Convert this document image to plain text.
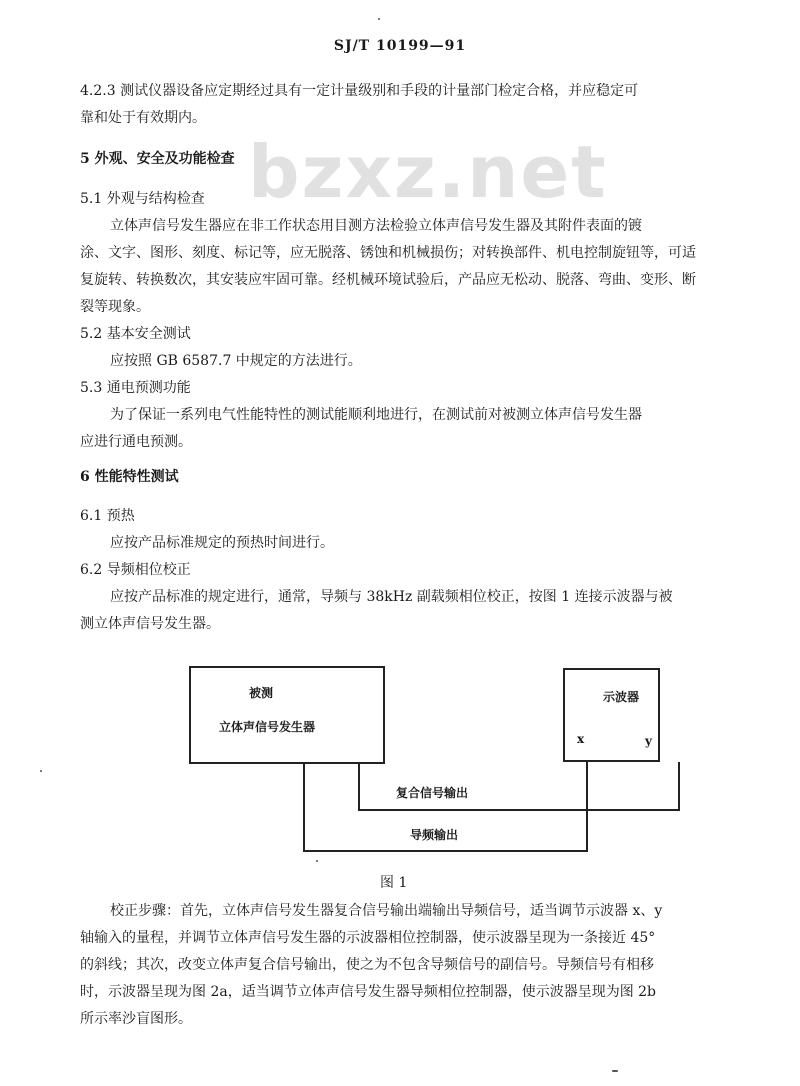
SJ/T 10199—91
bzxz.net
4.2.3 测试仪器设备应定期经过具有一定计量级别和手段的计量部门检定合格，并应稳定可
靠和处于有效期内。
5 外观、安全及功能检查
5.1 外观与结构检查
立体声信号发生器应在非工作状态用目测方法检验立体声信号发生器及其附件表面的镀
涂、文字、图形、刻度、标记等，应无脱落、锈蚀和机械损伤；对转换部件、机电控制旋钮等，可适
复旋转、转换数次，其安装应牢固可靠。经机械环境试验后，产品应无松动、脱落、弯曲、变形、断
裂等现象。
5.2 基本安全测试
应按照 GB 6587.7 中规定的方法进行。
5.3 通电预测功能
为了保证一系列电气性能特性的测试能顺利地进行，在测试前对被测立体声信号发生器
应进行通电预测。
6 性能特性测试
6.1 预热
应按产品标准规定的预热时间进行。
6.2 导频相位校正
应按产品标准的规定进行，通常，导频与 38kHz 副载频相位校正，按图 1 连接示波器与被
测立体声信号发生器。
被测
立体声信号发生器
示波器
x	y
复合信号输出
导频输出
图 1
校正步骤：首先，立体声信号发生器复合信号输出端输出导频信号，适当调节示波器 x、y
轴输入的量程，并调节立体声信号发生器的示波器相位控制器，使示波器呈现为一条接近 45°
的斜线；其次，改变立体声复合信号输出，使之为不包含导频信号的副信号。导频信号有相移
时，示波器呈现为图 2a，适当调节立体声信号发生器导频相位控制器，使示波器呈现为图 2b
所示率沙盲图形。
